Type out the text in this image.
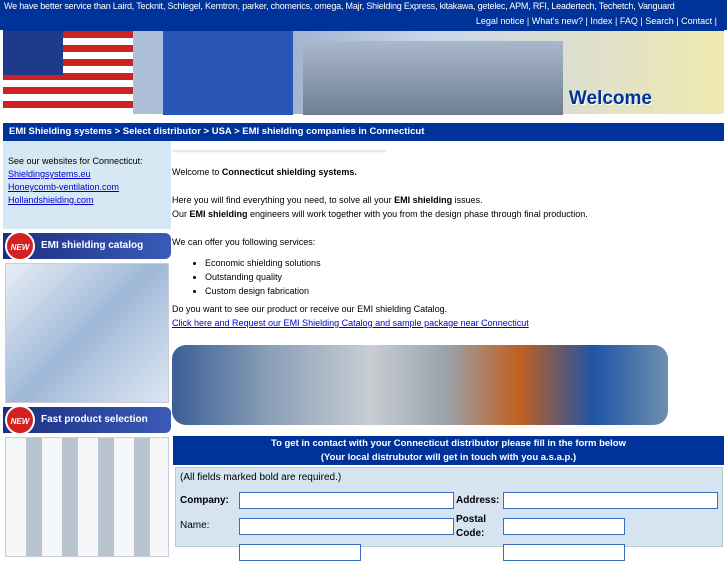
We have better service than Laird, Tecknit, Schlegel, Kemtron, parker, chomerics, omega, Majr, Shielding Express, kitakawa, getelec, APM, RFI, Leadertech, Techetch, Vanguard
Legal notice | What's new? | Index | FAQ | Search | Contact |
Welcome
EMI Shielding systems > Select distributor > USA > EMI shielding companies in Connecticut
See our websites for Connecticut:
Shieldingsystems.eu
Honeycomb-ventilation.com
Hollandshielding.com
NEW	EMI shielding catalog
NEW	Fast product selection

Welcome to Connecticut shielding systems.

Here you will find everything you need, to solve all your EMI shielding issues.

Our EMI shielding engineers will work together with you from the design phase through final production.

We can offer you following services:

• Economic shielding solutions
• Outstanding quality
• Custom design fabrication

Do you want to see our product or receive our EMI shielding Catalog.

Click here and Request our EMI Shielding Catalog and sample package near Connecticut
To get in contact with your Connecticut distributor please fill in the form below
(Your local distrubutor will get in touch with you a.s.a.p.)
(All fields marked bold are required.)
Company:	Address:
Name:
Postal
Code:
